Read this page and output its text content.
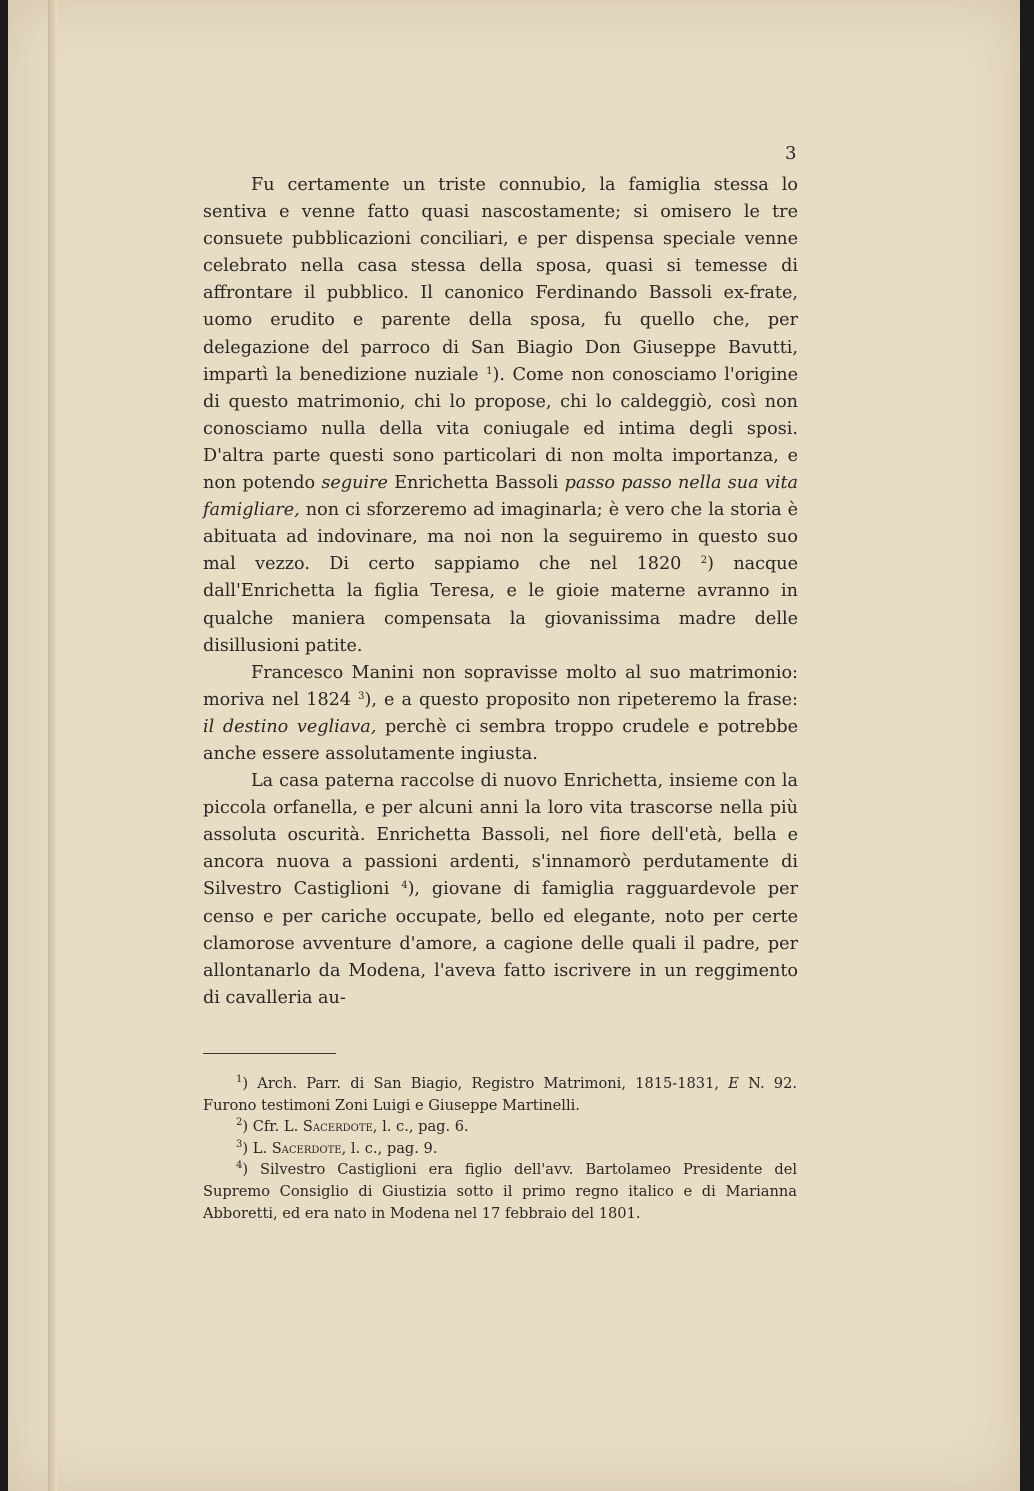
3

Fu certamente un triste connubio, la famiglia stessa lo sentiva e venne fatto quasi nascostamente; si omisero le tre consuete pubblicazioni conciliari, e per dispensa speciale venne celebrato nella casa stessa della sposa, quasi si temesse di affrontare il pubblico. Il canonico Ferdinando Bassoli ex-frate, uomo erudito e parente della sposa, fu quello che, per delegazione del parroco di San Biagio Don Giuseppe Bavutti, impartì la benedizione nuziale $^1$). Come non conosciamo l'origine di questo matrimonio, chi lo propose, chi lo caldeggiò, così non conosciamo nulla della vita coniugale ed intima degli sposi. D'altra parte questi sono particolari di non molta importanza, e non potendo seguire Enrichetta Bassoli passo passo nella sua vita famigliare, non ci sforzeremo ad imaginarla; è vero che la storia è abituata ad indovinare, ma noi non la seguiremo in questo suo mal vezzo. Di certo sappiamo che nel 1820 $^2$) nacque dall'Enrichetta la figlia Teresa, e le gioie materne avranno in qualche maniera compensata la giovanissima madre delle disillusioni patite.

Francesco Manini non sopravisse molto al suo matrimonio: moriva nel 1824 $^3$), e a questo proposito non ripeteremo la frase: il destino vegliava, perchè ci sembra troppo crudele e potrebbe anche essere assolutamente ingiusta.

La casa paterna raccolse di nuovo Enrichetta, insieme con la piccola orfanella, e per alcuni anni la loro vita trascorse nella più assoluta oscurità. Enrichetta Bassoli, nel fiore dell'età, bella e ancora nuova a passioni ardenti, s'innamorò perdutamente di Silvestro Castiglioni $^4$), giovane di famiglia ragguardevole per censo e per cariche occupate, bello ed elegante, noto per certe clamorose avventure d'amore, a cagione delle quali il padre, per allontanarlo da Modena, l'aveva fatto iscrivere in un reggimento di cavalleria au-

$^1$) Arch. Parr. di San Biagio, Registro Matrimoni, 1815-1831, E N. 92. Furono testimoni Zoni Luigi e Giuseppe Martinelli.

$^2$) Cfr. L. Sacerdote, l. c., pag. 6.

$^3$) L. Sacerdote, l. c., pag. 9.

$^4$) Silvestro Castiglioni era figlio dell'avv. Bartolameo Presidente del Supremo Consiglio di Giustizia sotto il primo regno italico e di Marianna Abboretti, ed era nato in Modena nel 17 febbraio del 1801.
